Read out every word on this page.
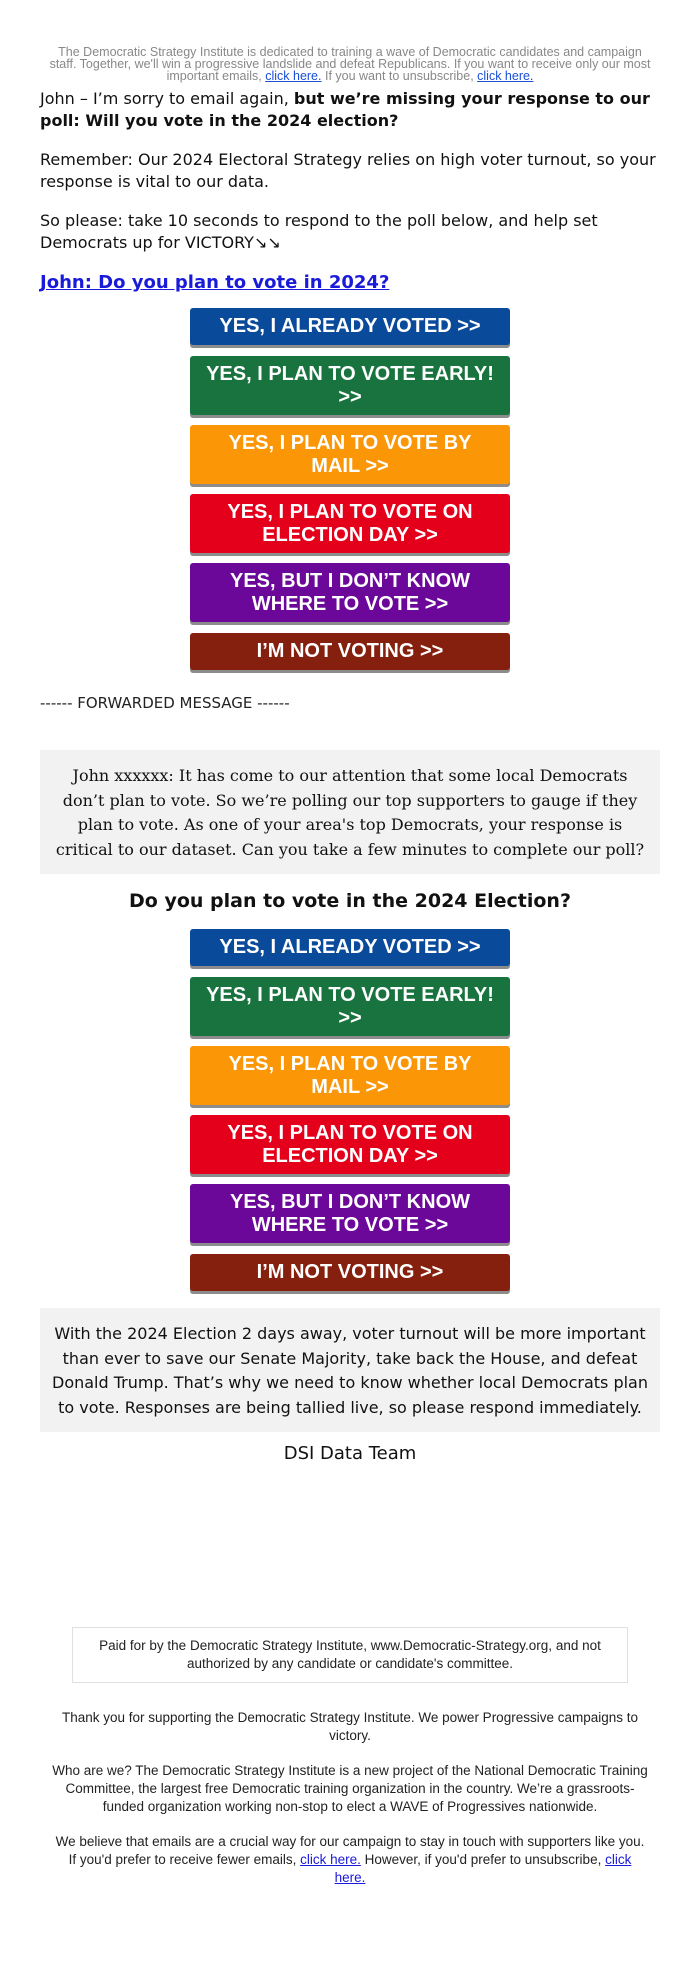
The Democratic Strategy Institute is dedicated to training a wave of Democratic candidates and campaign staff. Together, we'll win a progressive landslide and defeat Republicans. If you want to receive only our most important emails, click here. If you want to unsubscribe, click here.

John – I’m sorry to email again, but we’re missing your response to our poll: Will you vote in the 2024 election?

Remember: Our 2024 Electoral Strategy relies on high voter turnout, so your response is vital to our data.

So please: take 10 seconds to respond to the poll below, and help set Democrats up for VICTORY↘↘

John: Do you plan to vote in 2024?
YES, I ALREADY VOTED >>
YES, I PLAN TO VOTE EARLY! >>
YES, I PLAN TO VOTE BY MAIL >>
YES, I PLAN TO VOTE ON ELECTION DAY >>
YES, BUT I DON’T KNOW WHERE TO VOTE >>
I’M NOT VOTING >>
------ FORWARDED MESSAGE ------
John xxxxxx: It has come to our attention that some local Democrats don’t plan to vote. So we’re polling our top supporters to gauge if they plan to vote. As one of your area's top Democrats, your response is critical to our dataset. Can you take a few minutes to complete our poll?
Do you plan to vote in the 2024 Election?
YES, I ALREADY VOTED >>
YES, I PLAN TO VOTE EARLY! >>
YES, I PLAN TO VOTE BY MAIL >>
YES, I PLAN TO VOTE ON ELECTION DAY >>
YES, BUT I DON’T KNOW WHERE TO VOTE >>
I’M NOT VOTING >>
With the 2024 Election 2 days away, voter turnout will be more important than ever to save our Senate Majority, take back the House, and defeat Donald Trump. That’s why we need to know whether local Democrats plan to vote. Responses are being tallied live, so please respond immediately.
DSI Data Team
Paid for by the Democratic Strategy Institute, www.Democratic-Strategy.org, and not authorized by any candidate or candidate's committee.

Thank you for supporting the Democratic Strategy Institute. We power Progressive campaigns to victory.

Who are we? The Democratic Strategy Institute is a new project of the National Democratic Training Committee, the largest free Democratic training organization in the country. We’re a grassroots-funded organization working non-stop to elect a WAVE of Progressives nationwide.

We believe that emails are a crucial way for our campaign to stay in touch with supporters like you. If you'd prefer to receive fewer emails, click here. However, if you'd prefer to unsubscribe, click here.
